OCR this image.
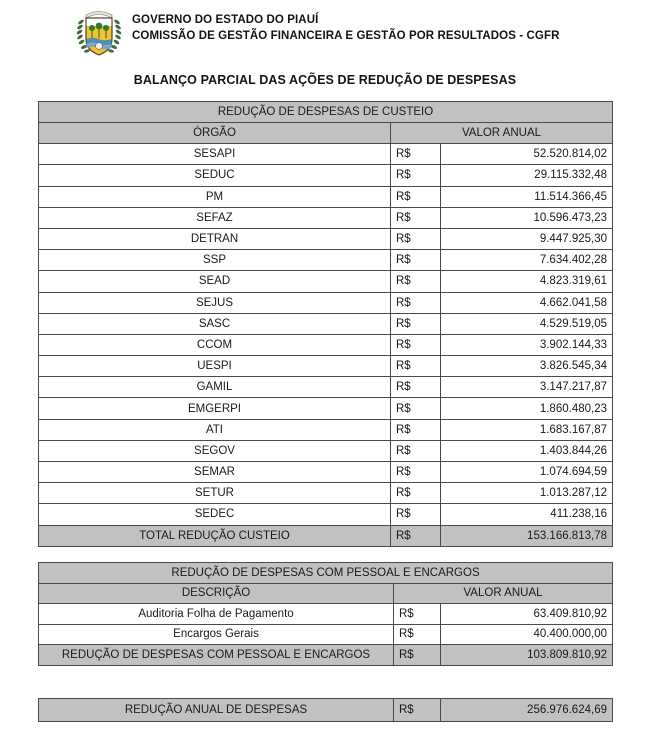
GOVERNO DO ESTADO DO PIAUÍ
COMISSÃO DE GESTÃO FINANCEIRA E GESTÃO POR RESULTADOS - CGFR
BALANÇO PARCIAL DAS AÇÕES DE REDUÇÃO DE DESPESAS
REDUÇÃO DE DESPESAS DE CUSTEIO		
ÓRGÃO	VALOR ANUAL	
SESAPI	R$	52.520.814,02
SEDUC	R$	29.115.332,48
PM	R$	11.514.366,45
SEFAZ	R$	10.596.473,23
DETRAN	R$	9.447.925,30
SSP	R$	7.634.402,28
SEAD	R$	4.823.319,61
SEJUS	R$	4.662.041,58
SASC	R$	4.529.519,05
CCOM	R$	3.902.144,33
UESPI	R$	3.826.545,34
GAMIL	R$	3.147.217,87
EMGERPI	R$	1.860.480,23
ATI	R$	1.683.167,87
SEGOV	R$	1.403.844,26
SEMAR	R$	1.074.694,59
SETUR	R$	1.013.287,12
SEDEC	R$	411.238,16
TOTAL REDUÇÃO CUSTEIO	R$	153.166.813,78
REDUÇÃO DE DESPESAS COM PESSOAL E ENCARGOS		
DESCRIÇÃO	VALOR ANUAL	
Auditoria Folha de Pagamento	R$	63.409.810,92
Encargos Gerais	R$	40.400.000,00
REDUÇÃO DE DESPESAS COM PESSOAL E ENCARGOS	R$	103.809.810,92
REDUÇÃO ANUAL DE DESPESAS	R$	256.976.624,69
